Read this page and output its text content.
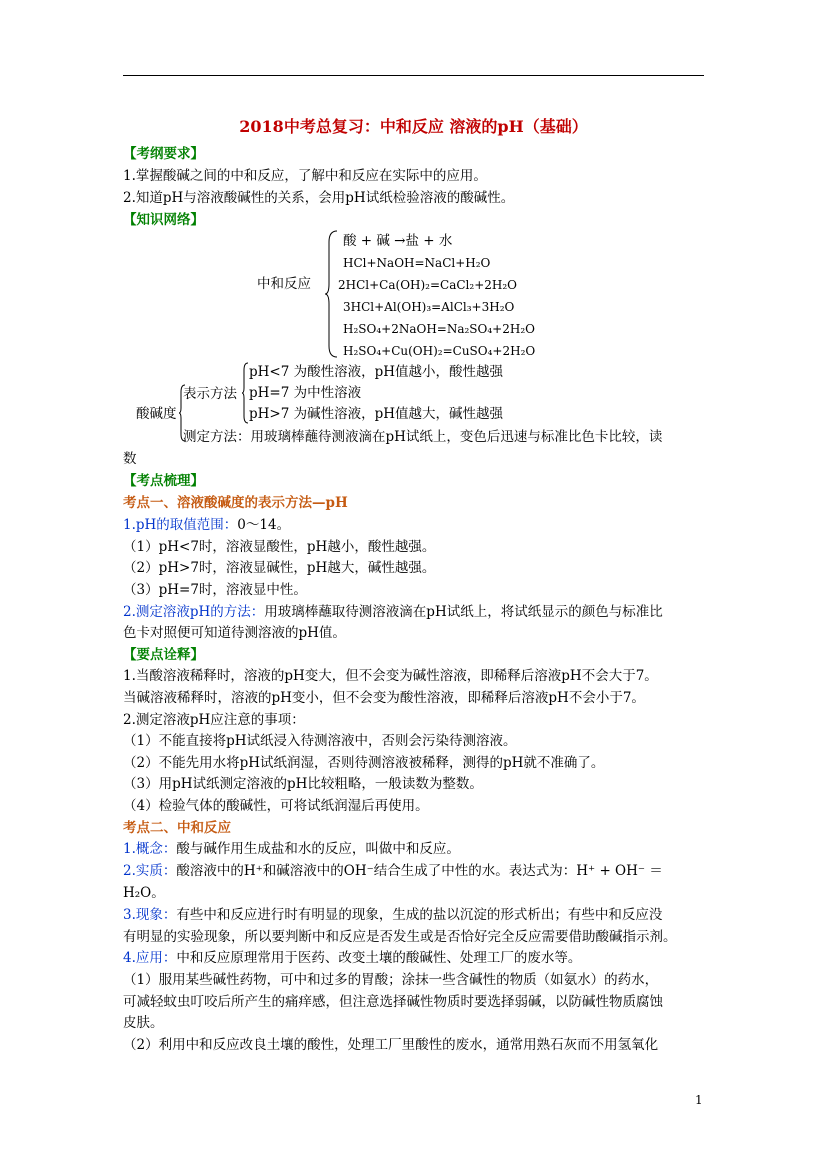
2018中考总复习：中和反应 溶液的pH（基础）
【考纲要求】
1.掌握酸碱之间的中和反应，了解中和反应在实际中的应用。
2.知道pH与溶液酸碱性的关系，会用pH试纸检验溶液的酸碱性。
【知识网络】
中和反应
酸 + 碱 →盐 + 水
HCl+NaOH=NaCl+H₂O
2HCl+Ca(OH)₂=CaCl₂+2H₂O
3HCl+Al(OH)₃=AlCl₃+3H₂O
H₂SO₄+2NaOH=Na₂SO₄+2H₂O
H₂SO₄+Cu(OH)₂=CuSO₄+2H₂O
酸碱度
表示方法
pH<7 为酸性溶液，pH值越小，酸性越强
pH=7 为中性溶液
pH>7 为碱性溶液，pH值越大，碱性越强
测定方法：用玻璃棒蘸待测液滴在pH试纸上，变色后迅速与标准比色卡比较，读
数
【考点梳理】
考点一、溶液酸碱度的表示方法—pH
1.pH的取值范围：0～14。
（1）pH<7时，溶液显酸性，pH越小，酸性越强。
（2）pH>7时，溶液显碱性，pH越大，碱性越强。
（3）pH=7时，溶液显中性。
2.测定溶液pH的方法：用玻璃棒蘸取待测溶液滴在pH试纸上，将试纸显示的颜色与标准比
色卡对照便可知道待测溶液的pH值。
【要点诠释】
1.当酸溶液稀释时，溶液的pH变大，但不会变为碱性溶液，即稀释后溶液pH不会大于7。
当碱溶液稀释时，溶液的pH变小，但不会变为酸性溶液，即稀释后溶液pH不会小于7。
2.测定溶液pH应注意的事项：
（1）不能直接将pH试纸浸入待测溶液中，否则会污染待测溶液。
（2）不能先用水将pH试纸润湿，否则待测溶液被稀释，测得的pH就不准确了。
（3）用pH试纸测定溶液的pH比较粗略，一般读数为整数。
（4）检验气体的酸碱性，可将试纸润湿后再使用。
考点二、中和反应
1.概念：酸与碱作用生成盐和水的反应，叫做中和反应。
2.实质：酸溶液中的H⁺和碱溶液中的OH⁻结合生成了中性的水。表达式为：H⁺ + OH⁻ ＝
H₂O。
3.现象：有些中和反应进行时有明显的现象，生成的盐以沉淀的形式析出；有些中和反应没
有明显的实验现象，所以要判断中和反应是否发生或是否恰好完全反应需要借助酸碱指示剂。
4.应用：中和反应原理常用于医药、改变土壤的酸碱性、处理工厂的废水等。
（1）服用某些碱性药物，可中和过多的胃酸；涂抹一些含碱性的物质（如氨水）的药水，
可减轻蚊虫叮咬后所产生的痛痒感，但注意选择碱性物质时要选择弱碱，以防碱性物质腐蚀
皮肤。
（2）利用中和反应改良土壤的酸性，处理工厂里酸性的废水，通常用熟石灰而不用氢氧化
1
